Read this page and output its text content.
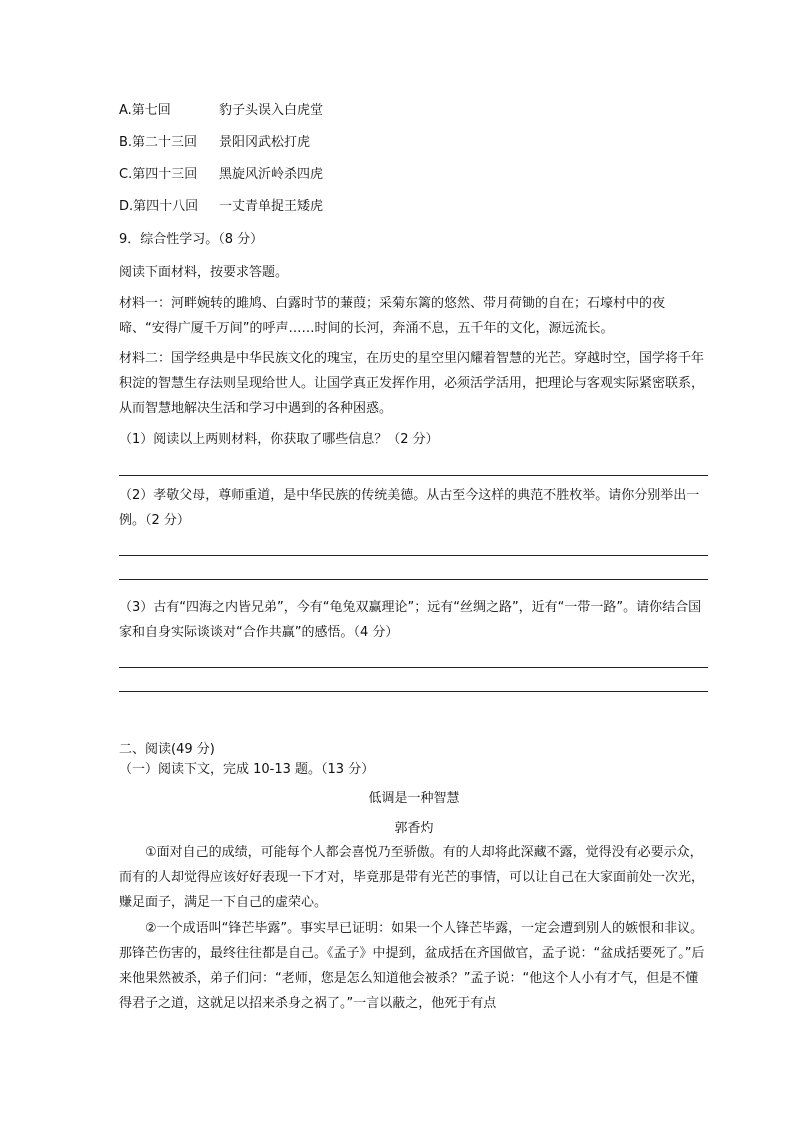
A.第七回	豹子头误入白虎堂
B.第二十三回 景阳冈武松打虎
C.第四十三回 黑旋风沂岭杀四虎
D.第四十八回 一丈青单捉王矮虎
9．综合性学习。（8 分）
阅读下面材料，按要求答题。
材料一：河畔婉转的雎鸠、白露时节的蒹葭；采菊东篱的悠然、带月荷锄的自在；石壕村中的夜啼、“安得广厦千万间”的呼声……时间的长河，奔涌不息，五千年的文化，源远流长。
材料二：国学经典是中华民族文化的瑰宝，在历史的星空里闪耀着智慧的光芒。穿越时空，国学将千年积淀的智慧生存法则呈现给世人。让国学真正发挥作用，必须活学活用，把理论与客观实际紧密联系，从而智慧地解决生活和学习中遇到的各种困惑。
（1）阅读以上两则材料，你获取了哪些信息？（2 分）
（2）孝敬父母，尊师重道，是中华民族的传统美德。从古至今这样的典范不胜枚举。请你分别举出一例。（2 分）
（3）古有“四海之内皆兄弟”，今有“龟兔双赢理论”；远有“丝绸之路”，近有“一带一路”。请你结合国家和自身实际谈谈对“合作共赢”的感悟。（4 分）
二、阅读(49 分)
（一）阅读下文，完成 10-13 题。（13 分）
低调是一种智慧
郭香灼
①面对自己的成绩，可能每个人都会喜悦乃至骄傲。有的人却将此深藏不露，觉得没有必要示众，而有的人却觉得应该好好表现一下才对，毕竟那是带有光芒的事情，可以让自己在大家面前处一次光，赚足面子，满足一下自己的虚荣心。
②一个成语叫“锋芒毕露”。事实早已证明：如果一个人锋芒毕露，一定会遭到别人的嫉恨和非议。那锋芒伤害的，最终往往都是自己。《孟子》中提到，盆成括在齐国做官，孟子说：“盆成括要死了。”后来他果然被杀，弟子们问：“老师，您是怎么知道他会被杀？”孟子说：“他这个人小有才气，但是不懂得君子之道，这就足以招来杀身之祸了。”一言以蔽之，他死于有点
